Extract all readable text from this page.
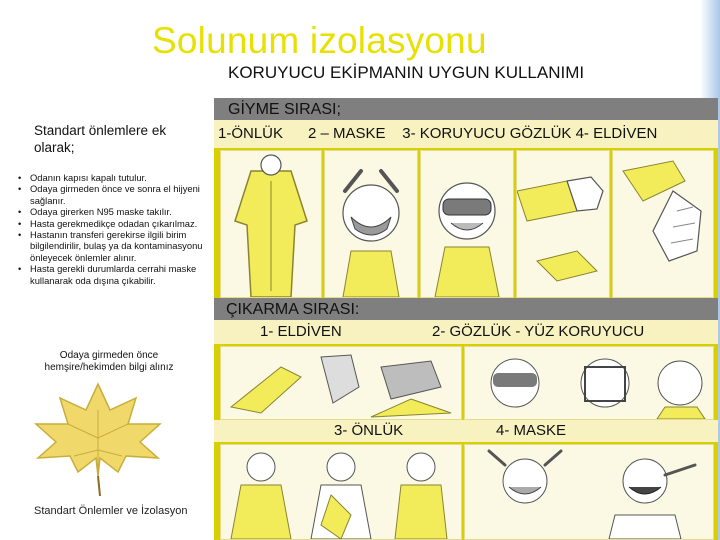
Solunum izolasyonu
KORUYUCU EKİPMANIN UYGUN KULLANIMI
Standart önlemlere ek olarak;
• Odanın kapısı kapalı tutulur.
• Odaya girmeden önce ve sonra el hijyeni sağlanır.
• Odaya girerken N95 maske takılır.
• Hasta gerekmedikçe odadan çıkarılmaz.
• Hastanın transferi gerekirse ilgili birim bilgilendirilir, bulaş ya da kontaminasyonu önleyecek önlemler alınır.
• Hasta gerekli durumlarda cerrahi maske kullanarak oda dışına çıkabilir.
Odaya girmeden önce hemşire/hekimden bilgi alınız
Standart Önlemler ve İzolasyon
GİYME SIRASI;
1-ÖNLÜK      2 – MASKE    3- KORUYUCU GÖZLÜK 4- ELDİVEN
ÇIKARMA SIRASI:
1- ELDİVEN	2- GÖZLÜK - YÜZ KORUYUCU
3- ÖNLÜK	4- MASKE
